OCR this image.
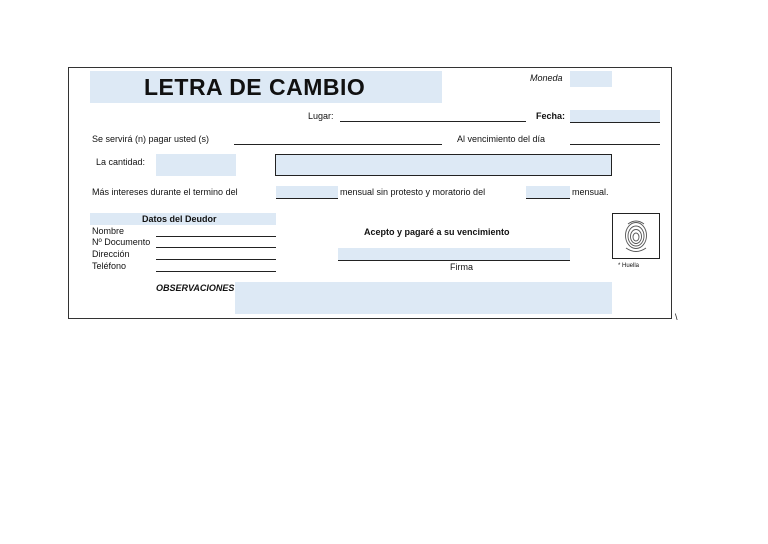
LETRA DE CAMBIO	Moneda
Lugar:	Fecha:
Se servirá (n) pagar usted (s)	Al vencimiento del día
La cantidad:
Más intereses durante el termino del	mensual sin protesto y moratorio del	mensual.
Datos del Deudor
Nombre
Nº Documento
Dirección
Teléfono
Acepto y pagaré a su vencimiento
Firma	* Huella
OBSERVACIONES
\
